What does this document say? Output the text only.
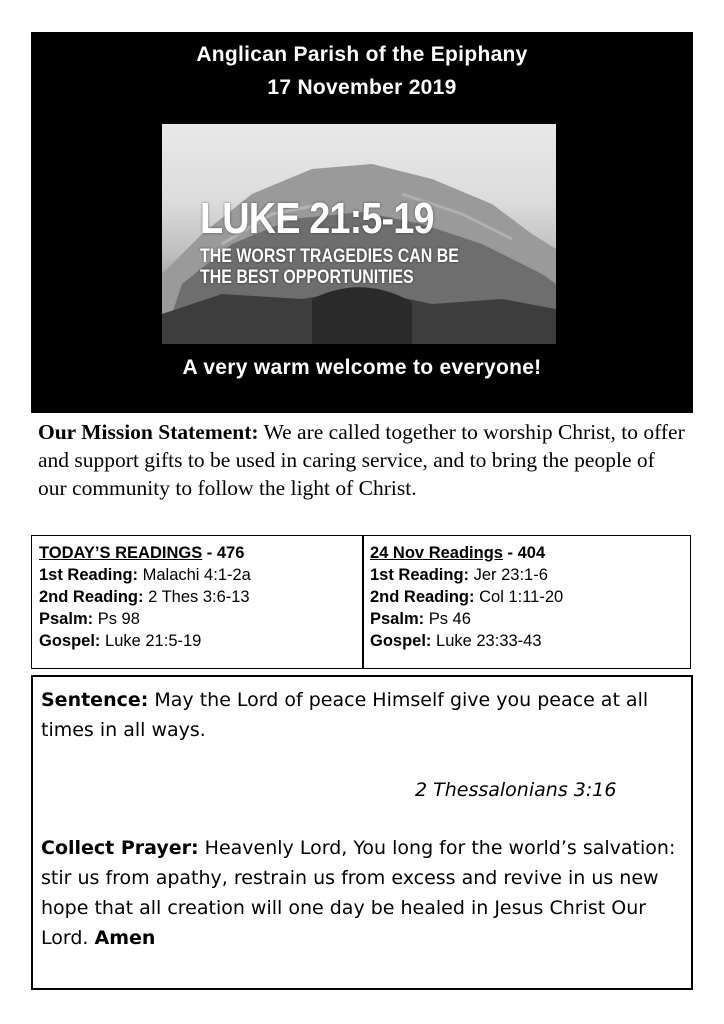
Anglican Parish of the Epiphany
17 November 2019
LUKE 21:5-19
THE WORST TRAGEDIES CAN BE
THE BEST OPPORTUNITIES
A very warm welcome to everyone!
Our Mission Statement: We are called together to worship Christ, to offer and support gifts to be used in caring service, and to bring the people of our community to follow the light of Christ.
TODAY’S READINGS - 476
1st Reading: Malachi 4:1-2a
2nd Reading: 2 Thes 3:6-13
Psalm: Ps 98
Gospel: Luke 21:5-19
24 Nov Readings - 404
1st Reading: Jer 23:1-6
2nd Reading: Col 1:11-20
Psalm: Ps 46
Gospel: Luke 23:33-43
Sentence: May the Lord of peace Himself give you peace at all times in all ways.
2 Thessalonians 3:16
Collect Prayer: Heavenly Lord, You long for the world’s salvation: stir us from apathy, restrain us from excess and revive in us new hope that all creation will one day be healed in Jesus Christ Our Lord. Amen
